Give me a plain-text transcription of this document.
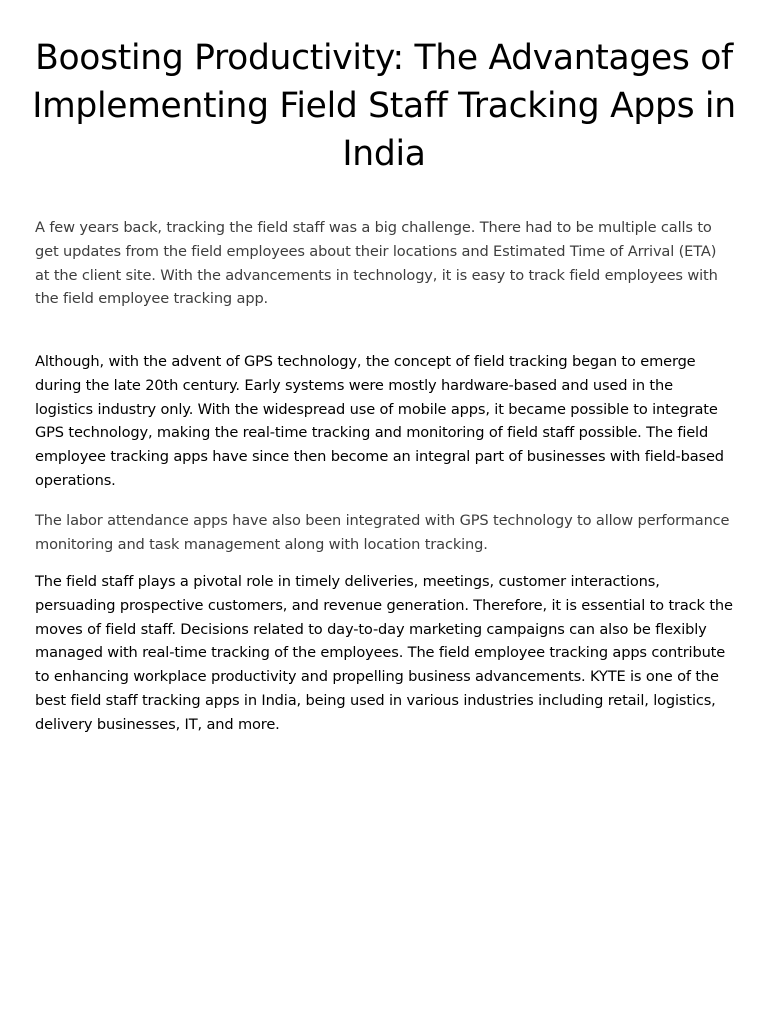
Boosting Productivity: The Advantages of Implementing Field Staff Tracking Apps in India

A few years back, tracking the field staff was a big challenge. There had to be multiple calls to get updates from the field employees about their locations and Estimated Time of Arrival (ETA) at the client site. With the advancements in technology, it is easy to track field employees with the field employee tracking app.

Although, with the advent of GPS technology, the concept of field tracking began to emerge during the late 20th century. Early systems were mostly hardware-based and used in the logistics industry only. With the widespread use of mobile apps, it became possible to integrate GPS technology, making the real-time tracking and monitoring of field staff possible. The field employee tracking apps have since then become an integral part of businesses with field-based operations.

The labor attendance apps have also been integrated with GPS technology to allow performance monitoring and task management along with location tracking.

The field staff plays a pivotal role in timely deliveries, meetings, customer interactions, persuading prospective customers, and revenue generation. Therefore, it is essential to track the moves of field staff. Decisions related to day-to-day marketing campaigns can also be flexibly managed with real-time tracking of the employees. The field employee tracking apps contribute to enhancing workplace productivity and propelling business advancements. KYTE is one of the best field staff tracking apps in India, being used in various industries including retail, logistics, delivery businesses, IT, and more.
